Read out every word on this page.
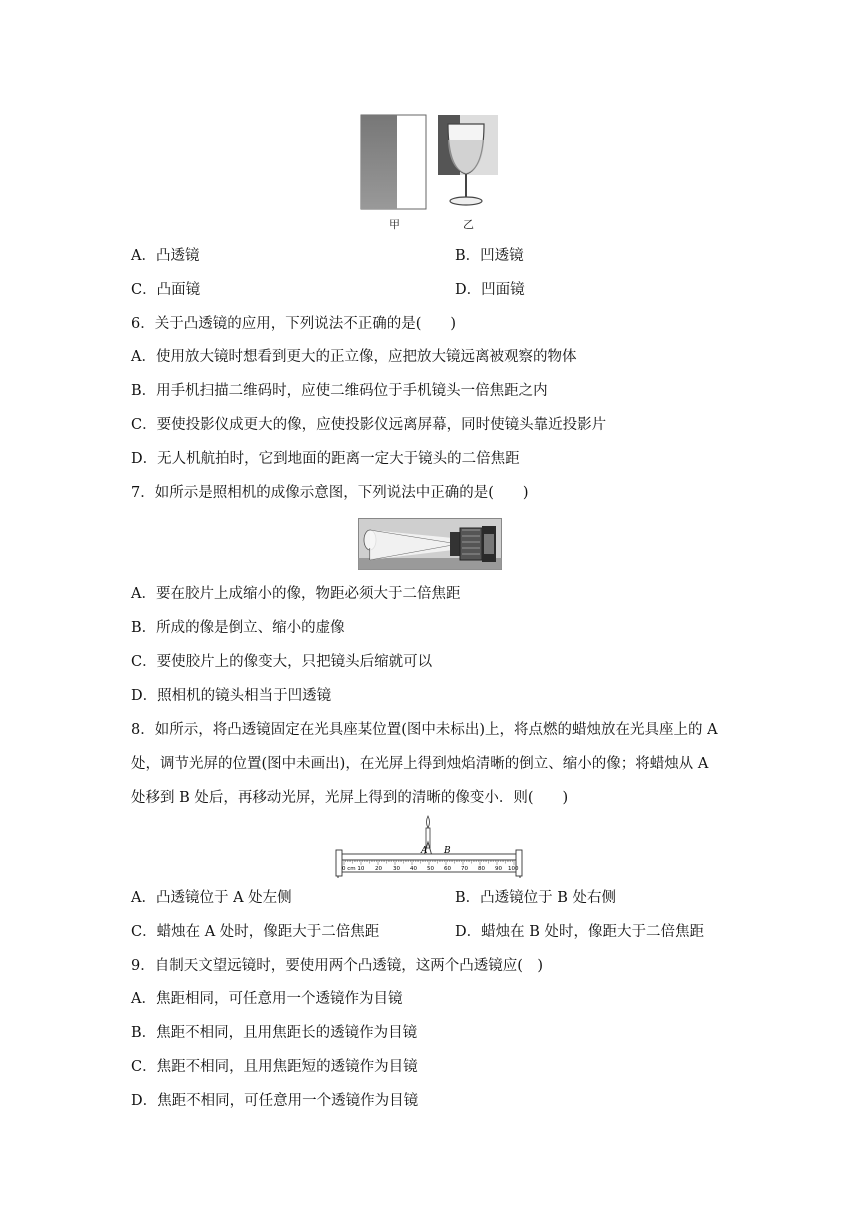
甲	乙
A．凸透镜	B．凹透镜
C．凸面镜	D．凹面镜
6．关于凸透镜的应用，下列说法不正确的是(　　)
A．使用放大镜时想看到更大的正立像，应把放大镜远离被观察的物体
B．用手机扫描二维码时，应使二维码位于手机镜头一倍焦距之内
C．要使投影仪成更大的像，应使投影仪远离屏幕，同时使镜头靠近投影片
D．无人机航拍时，它到地面的距离一定大于镜头的二倍焦距
7．如所示是照相机的成像示意图，下列说法中正确的是(　　)
A．要在胶片上成缩小的像，物距必须大于二倍焦距
B．所成的像是倒立、缩小的虚像
C．要使胶片上的像变大，只把镜头后缩就可以
D．照相机的镜头相当于凹透镜
8．如所示，将凸透镜固定在光具座某位置(图中未标出)上，将点燃的蜡烛放在光具座上的 A
处，调节光屏的位置(图中未画出)，在光屏上得到烛焰清晰的倒立、缩小的像；将蜡烛从 A
处移到 B 处后，再移动光屏，光屏上得到的清晰的像变小．则(　　)
A B
0 cm 10 20 30 40 50 60 70 80 90 100
A．凸透镜位于 A 处左侧	B．凸透镜位于 B 处右侧
C．蜡烛在 A 处时，像距大于二倍焦距	D．蜡烛在 B 处时，像距大于二倍焦距
9．自制天文望远镜时，要使用两个凸透镜，这两个凸透镜应(　)
A．焦距相同，可任意用一个透镜作为目镜
B．焦距不相同，且用焦距长的透镜作为目镜
C．焦距不相同，且用焦距短的透镜作为目镜
D．焦距不相同，可任意用一个透镜作为目镜
